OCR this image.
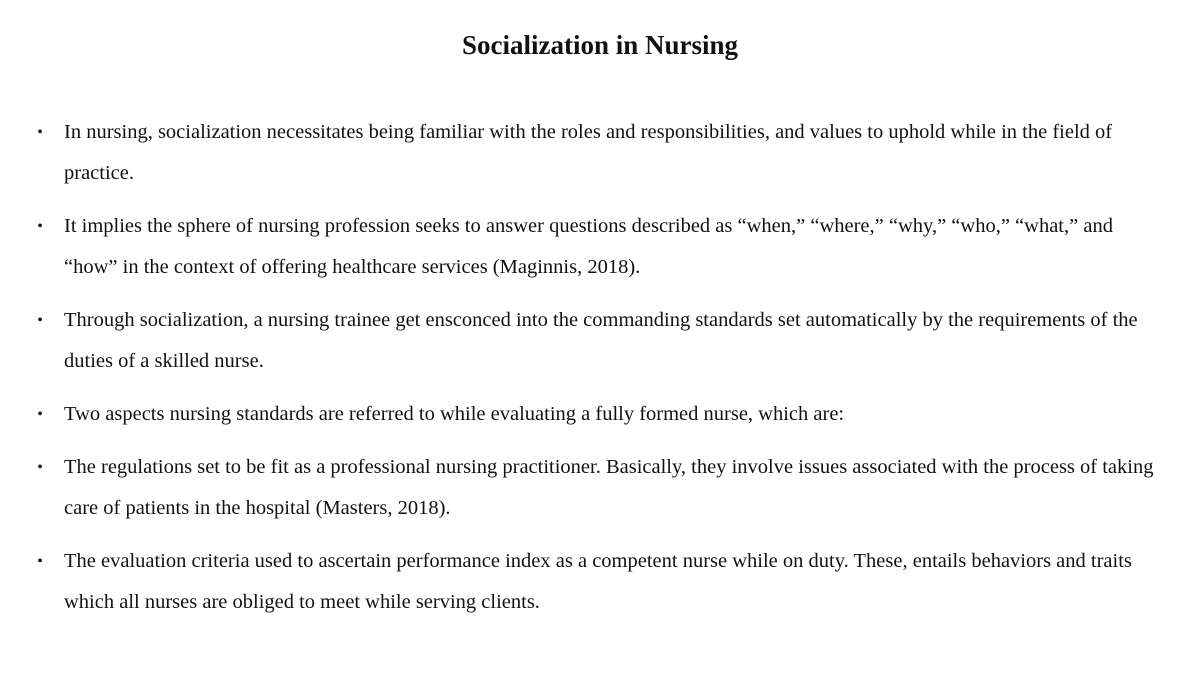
Socialization in Nursing
• In nursing, socialization necessitates being familiar with the roles and responsibilities, and values to uphold while in the field of practice.
• It implies the sphere of nursing profession seeks to answer questions described as “when,” “where,” “why,” “who,” “what,” and “how” in the context of offering healthcare services (Maginnis, 2018).
• Through socialization, a nursing trainee get ensconced into the commanding standards set automatically by the requirements of the duties of a skilled nurse.
• Two aspects nursing standards are referred to while evaluating a fully formed nurse, which are:
• The regulations set to be fit as a professional nursing practitioner. Basically, they involve issues associated with the process of taking care of patients in the hospital (Masters, 2018).
• The evaluation criteria used to ascertain performance index as a competent nurse while on duty. These, entails behaviors and traits which all nurses are obliged to meet while serving clients.
